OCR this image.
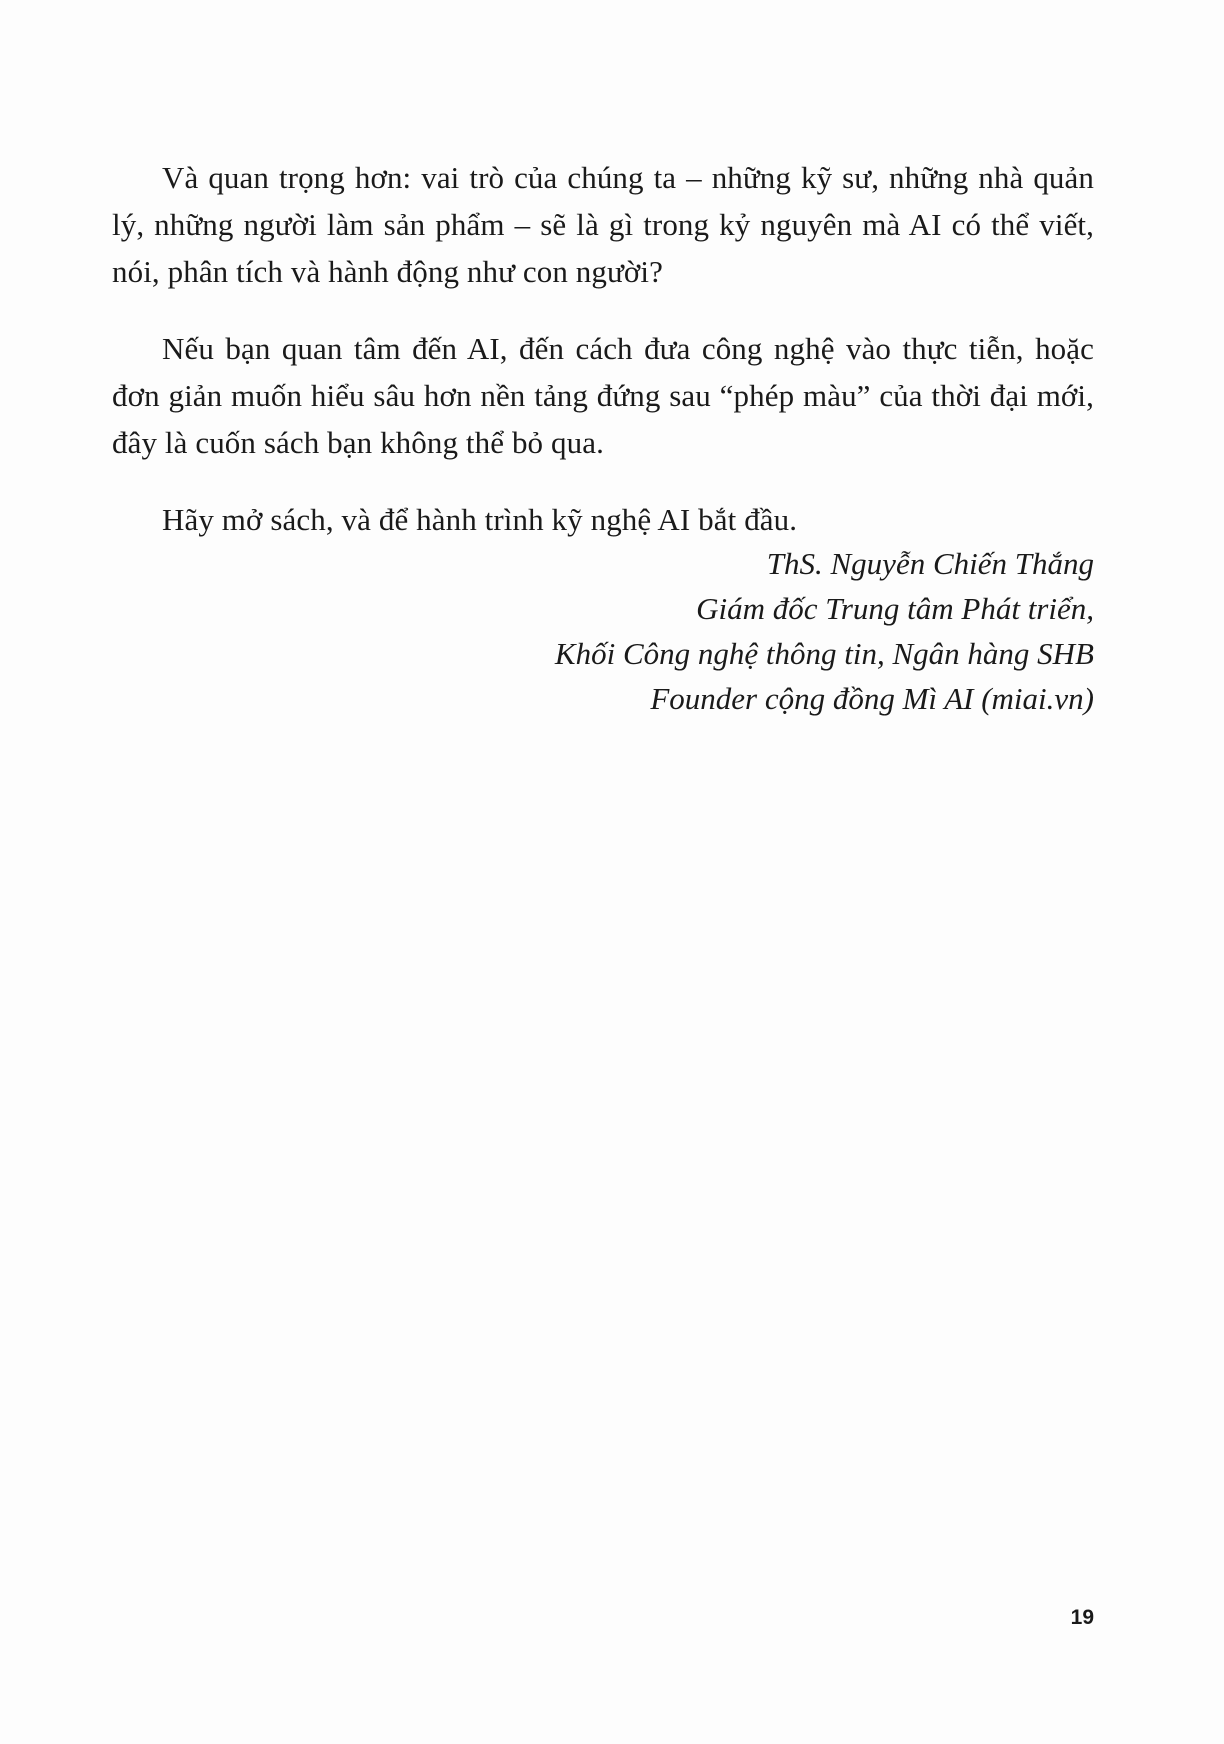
Và quan trọng hơn: vai trò của chúng ta – những kỹ sư, những nhà quản lý, những người làm sản phẩm – sẽ là gì trong kỷ nguyên mà AI có thể viết, nói, phân tích và hành động như con người?

Nếu bạn quan tâm đến AI, đến cách đưa công nghệ vào thực tiễn, hoặc đơn giản muốn hiểu sâu hơn nền tảng đứng sau “phép màu” của thời đại mới, đây là cuốn sách bạn không thể bỏ qua.

Hãy mở sách, và để hành trình kỹ nghệ AI bắt đầu.

ThS. Nguyễn Chiến Thắng
Giám đốc Trung tâm Phát triển,
Khối Công nghệ thông tin, Ngân hàng SHB
Founder cộng đồng Mì AI (miai.vn)
19
